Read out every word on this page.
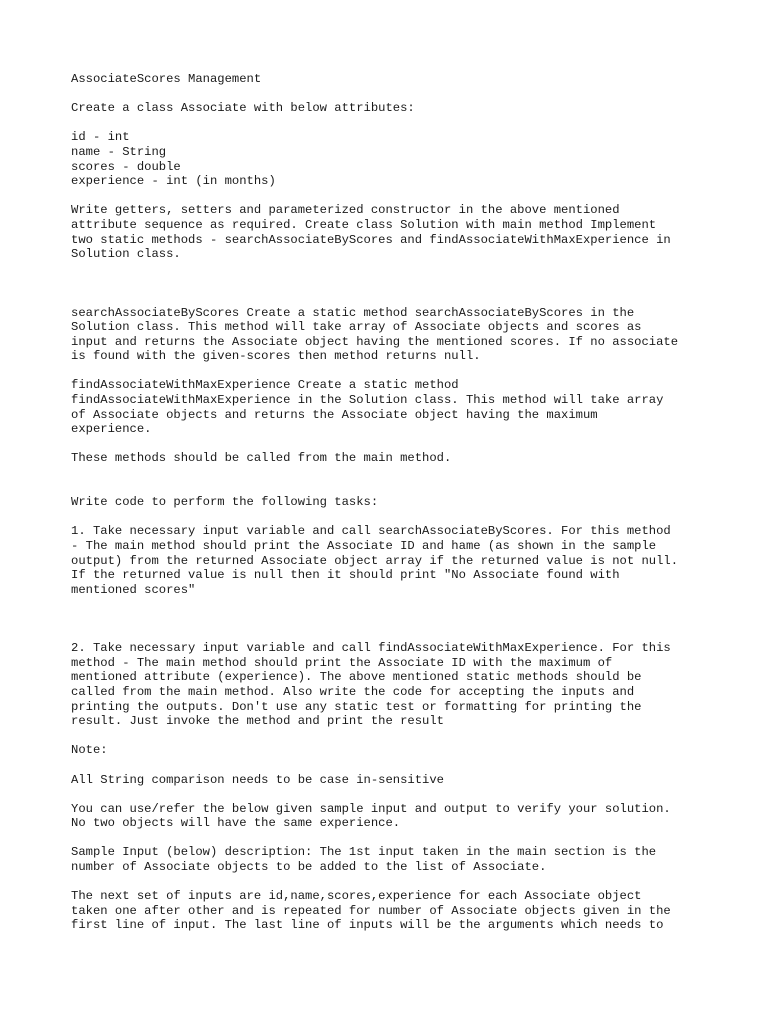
AssociateScores Management
Create a class Associate with below attributes:
id - int
name - String
scores - double
experience - int (in months)
Write getters, setters and parameterized constructor in the above mentioned
attribute sequence as required. Create class Solution with main method Implement
two static methods - searchAssociateByScores and findAssociateWithMaxExperience in
Solution class.
searchAssociateByScores Create a static method searchAssociateByScores in the
Solution class. This method will take array of Associate objects and scores as
input and returns the Associate object having the mentioned scores. If no associate
is found with the given-scores then method returns null.
findAssociateWithMaxExperience Create a static method
findAssociateWithMaxExperience in the Solution class. This method will take array
of Associate objects and returns the Associate object having the maximum
experience.
These methods should be called from the main method.
Write code to perform the following tasks:
1. Take necessary input variable and call searchAssociateByScores. For this method
- The main method should print the Associate ID and hame (as shown in the sample
output) from the returned Associate object array if the returned value is not null.
If the returned value is null then it should print "No Associate found with
mentioned scores"
2. Take necessary input variable and call findAssociateWithMaxExperience. For this
method - The main method should print the Associate ID with the maximum of
mentioned attribute (experience). The above mentioned static methods should be
called from the main method. Also write the code for accepting the inputs and
printing the outputs. Don't use any static test or formatting for printing the
result. Just invoke the method and print the result
Note:
All String comparison needs to be case in-sensitive
You can use/refer the below given sample input and output to verify your solution.
No two objects will have the same experience.
Sample Input (below) description: The 1st input taken in the main section is the
number of Associate objects to be added to the list of Associate.
The next set of inputs are id,name,scores,experience for each Associate object
taken one after other and is repeated for number of Associate objects given in the
first line of input. The last line of inputs will be the arguments which needs to
